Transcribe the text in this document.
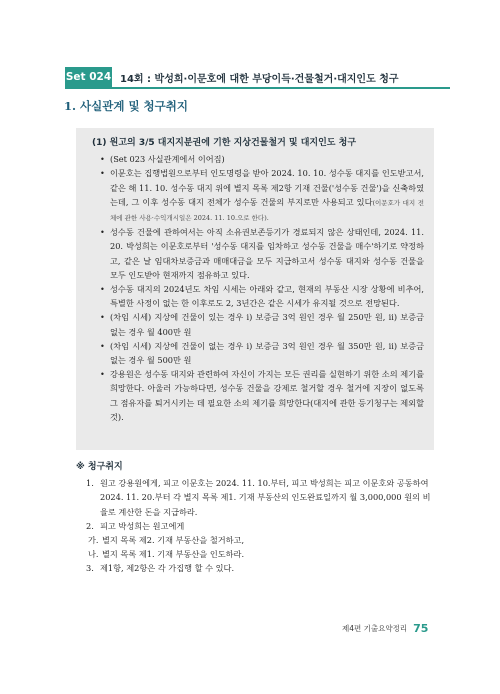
Set 024 14회 : 박성희·이문호에 대한 부당이득·건물철거·대지인도 청구
1. 사실관계 및 청구취지
(1) 원고의 3/5 대지지분권에 기한 지상건물철거 및 대지인도 청구
• (Set 023 사실관계에서 이어짐)
• 이문호는 집행법원으로부터 인도명령을 받아 2024. 10. 10. 성수동 대지를 인도받고서, 같은 해 11. 10. 성수동 대지 위에 별지 목록 제2항 기재 건물('성수동 건물')을 신축하였는데, 그 이후 성수동 대지 전체가 성수동 건물의 부지로만 사용되고 있다(이문호가 대지 전체에 관한 사용·수익개시일은 2024. 11. 10.으로 한다).
• 성수동 건물에 관하여서는 아직 소유권보존등기가 경료되지 않은 상태인데, 2024. 11. 20. 박성희는 이문호로부터 '성수동 대지를 임차하고 성수동 건물을 매수'하기로 약정하고, 같은 날 임대차보증금과 매매대금을 모두 지급하고서 성수동 대지와 성수동 건물을 모두 인도받아 현재까지 점유하고 있다.
• 성수동 대지의 2024년도 차임 시세는 아래와 같고, 현재의 부동산 시장 상황에 비추어, 특별한 사정이 없는 한 이후로도 2, 3년간은 같은 시세가 유지될 것으로 전망된다.
• (차임 시세) 지상에 건물이 있는 경우 i) 보증금 3억 원인 경우 월 250만 원, ii) 보증금 없는 경우 월 400만 원
• (차임 시세) 지상에 건물이 없는 경우 i) 보증금 3억 원인 경우 월 350만 원, ii) 보증금 없는 경우 월 500만 원
• 강용원은 성수동 대지와 관련하여 자신이 가지는 모든 권리를 실현하기 위한 소의 제기를 희망한다. 아울러 가능하다면, 성수동 건물을 강제로 철거할 경우 철거에 지장이 없도록 그 점유자를 퇴거시키는 데 필요한 소의 제기를 희망한다(대지에 관한 등기청구는 제외할 것).
※ 청구취지
1. 원고 강용원에게, 피고 이문호는 2024. 11. 10.부터, 피고 박성희는 피고 이문호와 공동하여 2024. 11. 20.부터 각 별지 목록 제1. 기재 부동산의 인도완료일까지 월 3,000,000 원의 비율로 계산한 돈을 지급하라.
2. 피고 박성희는 원고에게
가. 별지 목록 제2. 기재 부동산을 철거하고,
나. 별지 목록 제1. 기재 부동산을 인도하라.
3. 제1항, 제2항은 각 가집행 할 수 있다.
제4편 기출요약정리 75
